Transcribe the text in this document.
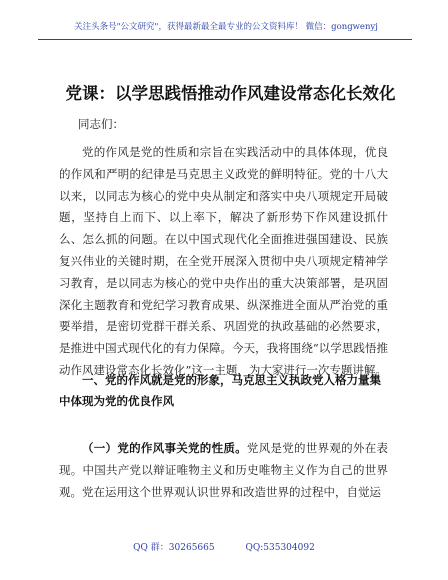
关注头条号"公文研究"，获得最新最全最专业的公文资料库！ 微信：gongwenyj
党课：以学思践悟推动作风建设常态化长效化
同志们：

党的作风是党的性质和宗旨在实践活动中的具体体现，优良的作风和严明的纪律是马克思主义政党的鲜明特征。党的十八大以来，以同志为核心的党中央从制定和落实中央八项规定开局破题，坚持自上而下、以上率下，解决了新形势下作风建设抓什么、怎么抓的问题。在以中国式现代化全面推进强国建设、民族复兴伟业的关键时期，在全党开展深入贯彻中央八项规定精神学习教育，是以同志为核心的党中央作出的重大决策部署，是巩固深化主题教育和党纪学习教育成果、纵深推进全面从严治党的重要举措，是密切党群干群关系、巩固党的执政基础的必然要求，是推进中国式现代化的有力保障。今天，我将围绕“以学思践悟推动作风建设常态化长效化”这一主题，为大家进行一次专题讲解。

一、党的作风就是党的形象，马克思主义执政党人格力量集中体现为党的优良作风

（一）党的作风事关党的性质。党风是党的世界观的外在表现。中国共产党以辩证唯物主义和历史唯物主义作为自己的世界观。党在运用这个世界观认识世界和改造世界的过程中，自觉运

QQ 群：30265665	QQ:535304092
